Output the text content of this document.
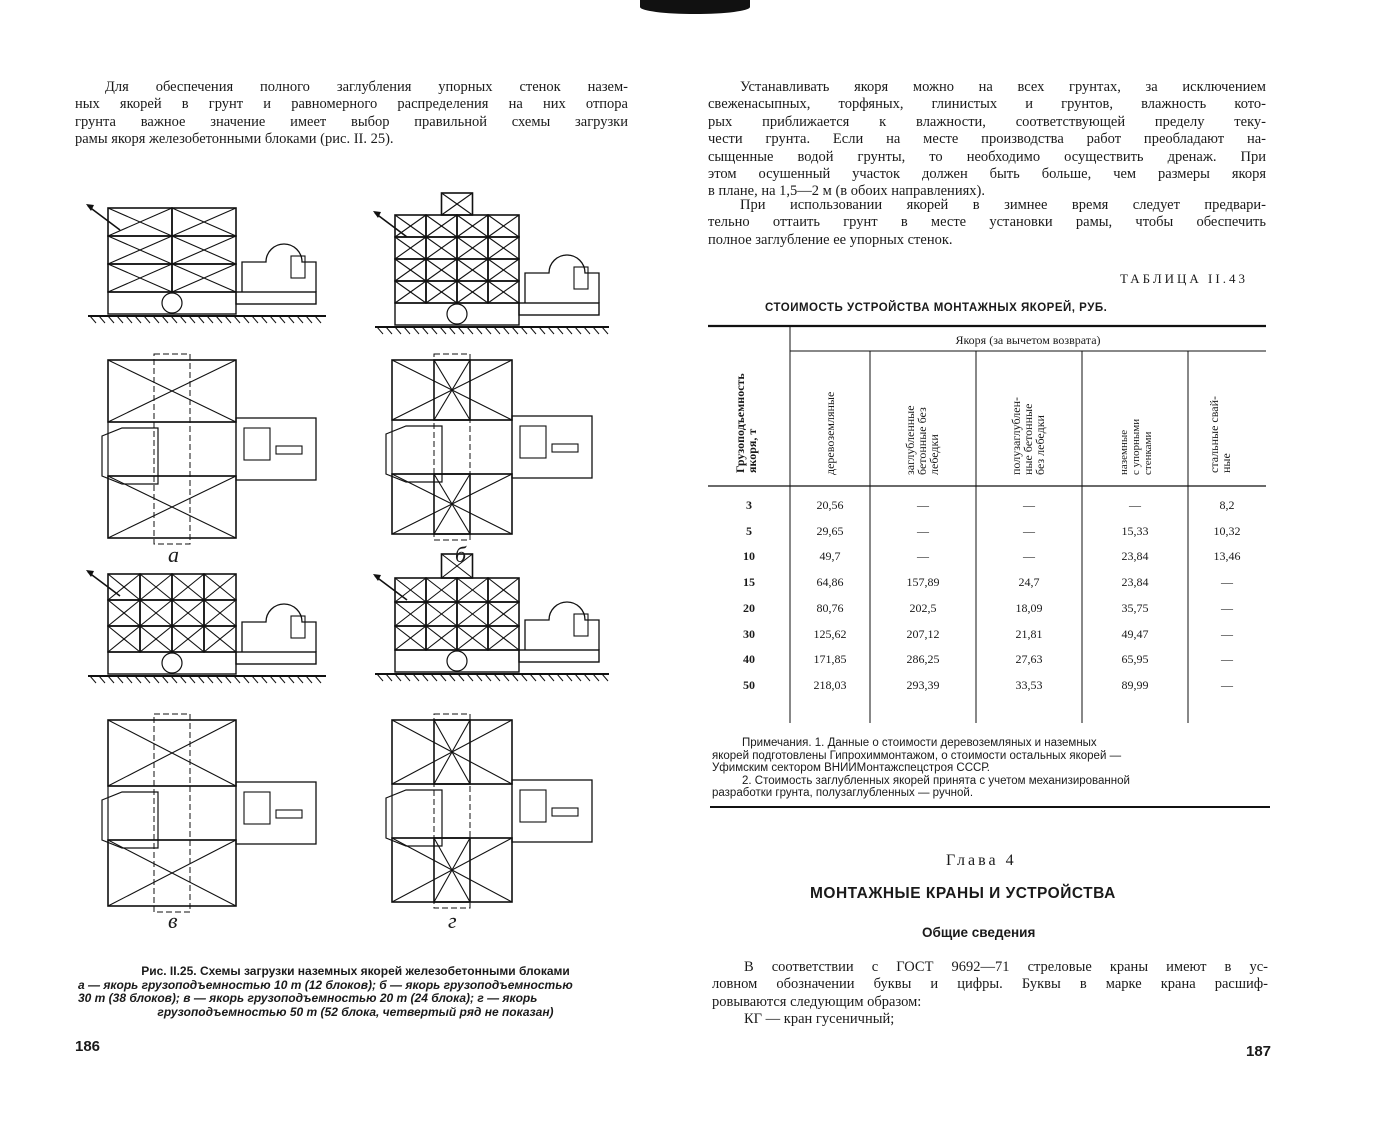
Для обеспечения полного заглубления упорных стенок назем-
ных якорей в грунт и равномерного распределения на них отпора
грунта важное значение имеет выбор правильной схемы загрузки
рамы якоря железобетонными блоками (рис. II. 25).
а	б
в	г
Рис. II.25. Схемы загрузки наземных якорей железобетонными блоками
а — якорь грузоподъемностью 10 т (12 блоков); б — якорь грузоподъемностью
30 т (38 блоков); в — якорь грузоподъемностью 20 т (24 блока); г — якорь
грузоподъемностью 50 т (52 блока, четвертый ряд не показан)
186
Устанавливать якоря можно на всех грунтах, за исключением
свеженасыпных, торфяных, глинистых и грунтов, влажность кото-
рых приближается к влажности, соответствующей пределу теку-
чести грунта. Если на месте производства работ преобладают на-
сыщенные водой грунты, то необходимо осуществить дренаж. При
этом осушенный участок должен быть больше, чем размеры якоря
в плане, на 1,5—2 м (в обоих направлениях).
При использовании якорей в зимнее время следует предвари-
тельно оттаить грунт в месте установки рамы, чтобы обеспечить
полное заглубление ее упорных стенок.
ТАБЛИЦА II.43
СТОИМОСТЬ УСТРОЙСТВА МОНТАЖНЫХ ЯКОРЕЙ, РУБ.
Грузоподъемность
якоря, т
Якоря (за вычетом возврата)
деревоземляные	заглубленные
бетонные без
лебедки	полузаглублен-
ные бетонные
без лебедки	наземные
с упорными
стенками	стальные свай-
ные
3	20,56	—	—	—	8,2
5	29,65	—	—	15,33	10,32
10	49,7	—	—	23,84	13,46
15	64,86	157,89	24,7	23,84	—
20	80,76	202,5	18,09	35,75	—
30	125,62	207,12	21,81	49,47	—
40	171,85	286,25	27,63	65,95	—
50	218,03	293,39	33,53	89,99	—
Примечания. 1. Данные о стоимости деревоземляных и наземных
якорей подготовлены Гипрохиммонтажом, о стоимости остальных якорей —
Уфимским сектором ВНИИМонтажспецстроя СССР.
2. Стоимость заглубленных якорей принята с учетом механизированной
разработки грунта, полузаглубленных — ручной.
Глава 4
МОНТАЖНЫЕ КРАНЫ И УСТРОЙСТВА
Общие сведения
В соответствии с ГОСТ 9692—71 стреловые краны имеют в ус-
ловном обозначении буквы и цифры. Буквы в марке крана расшиф-
ровываются следующим образом:
КГ — кран гусеничный;
187
